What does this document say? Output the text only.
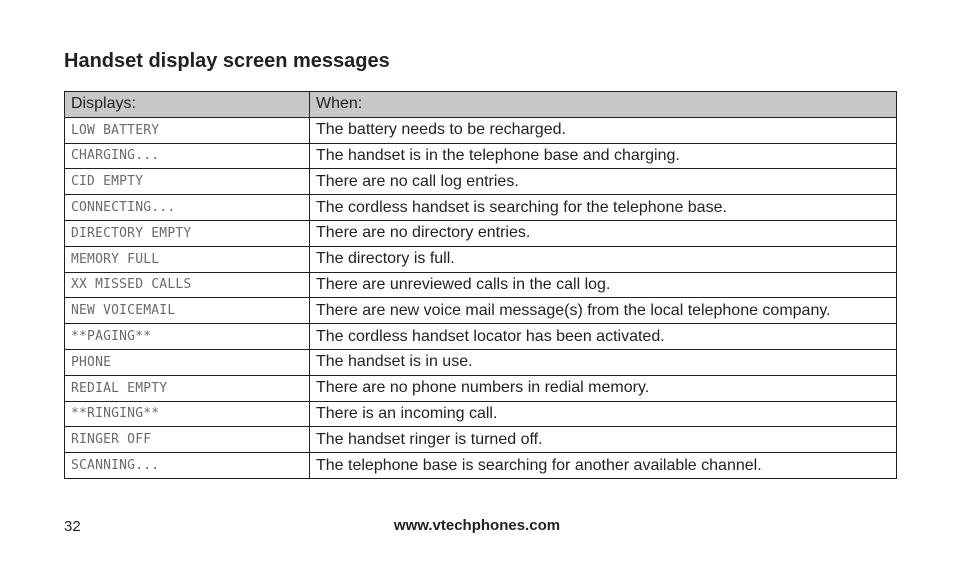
Handset display screen messages
Displays:	When:
LOW BATTERY	The battery needs to be recharged.
CHARGING...	The handset is in the telephone base and charging.
CID EMPTY	There are no call log entries.
CONNECTING...	The cordless handset is searching for the telephone base.
DIRECTORY EMPTY	There are no directory entries.
MEMORY FULL	The directory is full.
XX MISSED CALLS	There are unreviewed calls in the call log.
NEW VOICEMAIL	There are new voice mail message(s) from the local telephone company.
**PAGING**	The cordless handset locator has been activated.
PHONE	The handset is in use.
REDIAL EMPTY	There are no phone numbers in redial memory.
**RINGING**	There is an incoming call.
RINGER OFF	The handset ringer is turned off.
SCANNING...	The telephone base is searching for another available channel.
32	www.vtechphones.com
